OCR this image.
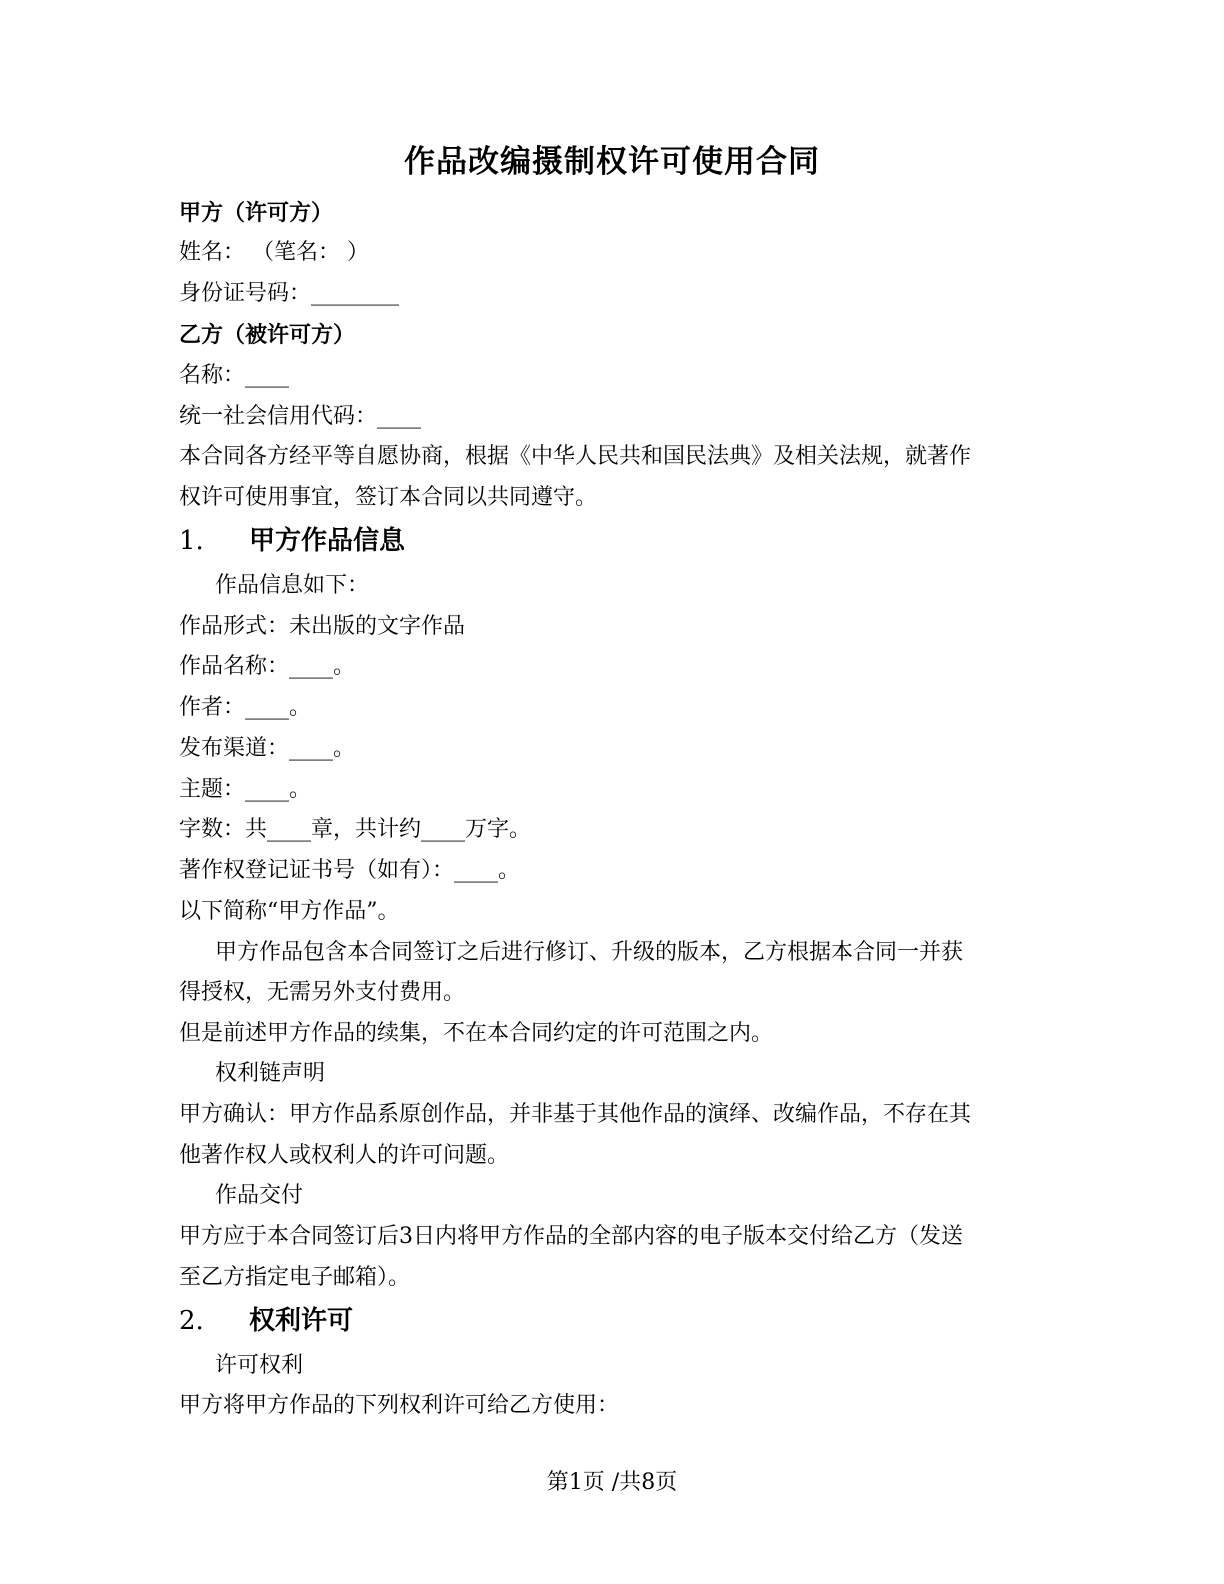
作品改编摄制权许可使用合同
甲方（许可方）
姓名： （笔名： ）
身份证号码：________
乙方（被许可方）
名称：____
统一社会信用代码：____
本合同各方经平等自愿协商，根据《中华人民共和国民法典》及相关法规，就著作
权许可使用事宜，签订本合同以共同遵守。
1. 甲方作品信息
作品信息如下：
作品形式：未出版的文字作品
作品名称：____。
作者：____。
发布渠道：____。
主题：____。
字数：共____章，共计约____万字。
著作权登记证书号（如有）：____。
以下简称“甲方作品”。
甲方作品包含本合同签订之后进行修订、升级的版本，乙方根据本合同一并获
得授权，无需另外支付费用。
但是前述甲方作品的续集，不在本合同约定的许可范围之内。
权利链声明
甲方确认：甲方作品系原创作品，并非基于其他作品的演绎、改编作品，不存在其
他著作权人或权利人的许可问题。
作品交付
甲方应于本合同签订后3日内将甲方作品的全部内容的电子版本交付给乙方（发送
至乙方指定电子邮箱）。
2. 权利许可
许可权利
甲方将甲方作品的下列权利许可给乙方使用：
第1页 /共8页
